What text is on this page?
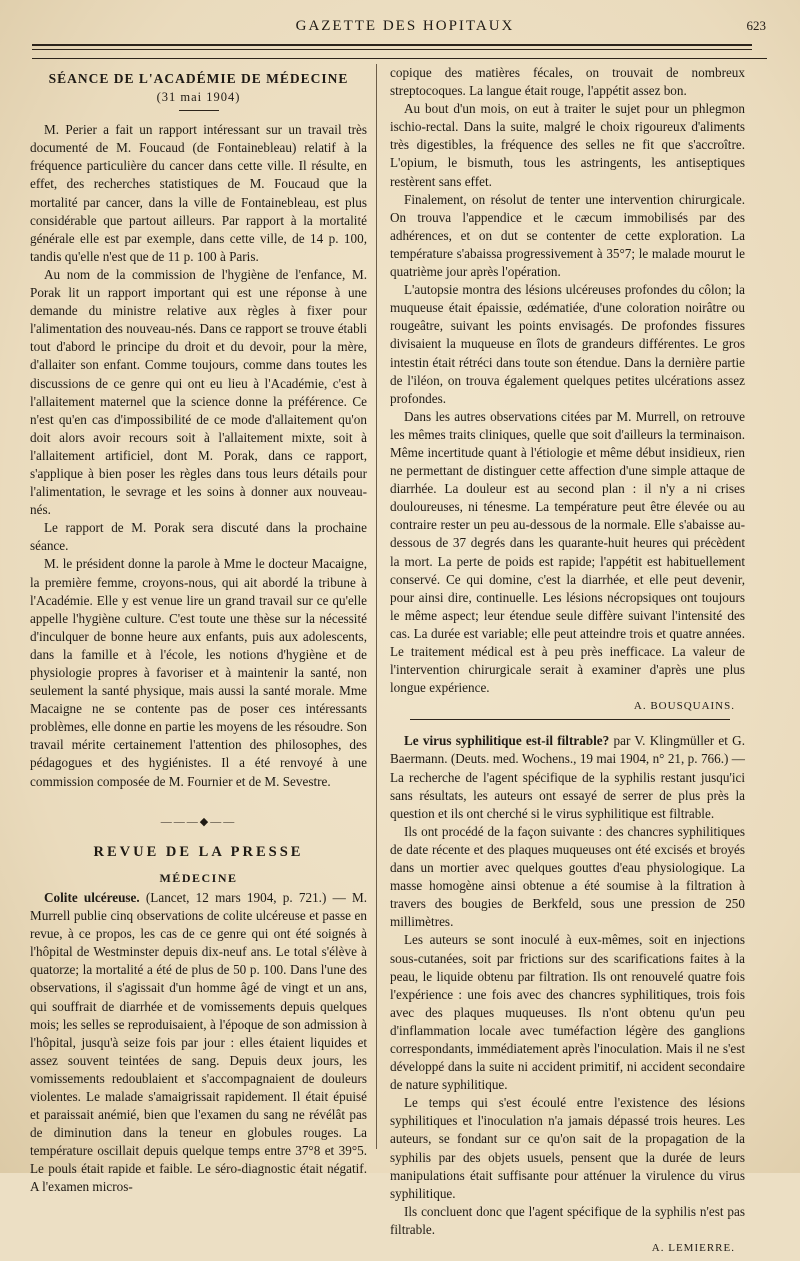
GAZETTE DES HOPITAUX	623

SÉANCE DE L'ACADÉMIE DE MÉDECINE

(31 mai 1904)

M. Perier a fait un rapport intéressant sur un travail très documenté de M. Foucaud (de Fontainebleau) relatif à la fréquence particulière du cancer dans cette ville. Il résulte, en effet, des recherches statistiques de M. Foucaud que la mortalité par cancer, dans la ville de Fontainebleau, est plus considérable que partout ailleurs. Par rapport à la mortalité générale elle est par exemple, dans cette ville, de 14 p. 100, tandis qu'elle n'est que de 11 p. 100 à Paris.

Au nom de la commission de l'hygiène de l'enfance, M. Porak lit un rapport important qui est une réponse à une demande du ministre relative aux règles à fixer pour l'alimentation des nouveau-nés. Dans ce rapport se trouve établi tout d'abord le principe du droit et du devoir, pour la mère, d'allaiter son enfant. Comme toujours, comme dans toutes les discussions de ce genre qui ont eu lieu à l'Académie, c'est à l'allaitement maternel que la science donne la préférence. Ce n'est qu'en cas d'impossibilité de ce mode d'allaitement qu'on doit alors avoir recours soit à l'allaitement mixte, soit à l'allaitement artificiel, dont M. Porak, dans ce rapport, s'applique à bien poser les règles dans tous leurs détails pour l'alimentation, le sevrage et les soins à donner aux nouveau-nés.

Le rapport de M. Porak sera discuté dans la prochaine séance.

M. le président donne la parole à Mme le docteur Macaigne, la première femme, croyons-nous, qui ait abordé la tribune à l'Académie. Elle y est venue lire un grand travail sur ce qu'elle appelle l'hygiène culture. C'est toute une thèse sur la nécessité d'inculquer de bonne heure aux enfants, puis aux adolescents, dans la famille et à l'école, les notions d'hygiène et de physiologie propres à favoriser et à maintenir la santé, non seulement la santé physique, mais aussi la santé morale. Mme Macaigne ne se contente pas de poser ces intéressants problèmes, elle donne en partie les moyens de les résoudre. Son travail mérite certainement l'attention des philosophes, des pédagogues et des hygiénistes. Il a été renvoyé à une commission composée de M. Fournier et de M. Sevestre.

———◆——

REVUE DE LA PRESSE

MÉDECINE

Colite ulcéreuse. (Lancet, 12 mars 1904, p. 721.) — M. Murrell publie cinq observations de colite ulcéreuse et passe en revue, à ce propos, les cas de ce genre qui ont été soignés à l'hôpital de Westminster depuis dix-neuf ans. Le total s'élève à quatorze; la mortalité a été de plus de 50 p. 100. Dans l'une des observations, il s'agissait d'un homme âgé de vingt et un ans, qui souffrait de diarrhée et de vomissements depuis quelques mois; les selles se reproduisaient, à l'époque de son admission à l'hôpital, jusqu'à seize fois par jour : elles étaient liquides et assez souvent teintées de sang. Depuis deux jours, les vomissements redoublaient et s'accompagnaient de douleurs violentes. Le malade s'amaigrissait rapidement. Il était épuisé et paraissait anémié, bien que l'examen du sang ne révélât pas de diminution dans la teneur en globules rouges. La température oscillait depuis quelque temps entre 37°8 et 39°5. Le pouls était rapide et faible. Le séro-diagnostic était négatif. A l'examen micros-

copique des matières fécales, on trouvait de nombreux streptocoques. La langue était rouge, l'appétit assez bon.

Au bout d'un mois, on eut à traiter le sujet pour un phlegmon ischio-rectal. Dans la suite, malgré le choix rigoureux d'aliments très digestibles, la fréquence des selles ne fit que s'accroître. L'opium, le bismuth, tous les astringents, les antiseptiques restèrent sans effet.

Finalement, on résolut de tenter une intervention chirurgicale. On trouva l'appendice et le cæcum immobilisés par des adhérences, et on dut se contenter de cette exploration. La température s'abaissa progressivement à 35°7; le malade mourut le quatrième jour après l'opération.

L'autopsie montra des lésions ulcéreuses profondes du côlon; la muqueuse était épaissie, œdématiée, d'une coloration noirâtre ou rougeâtre, suivant les points envisagés. De profondes fissures divisaient la muqueuse en îlots de grandeurs différentes. Le gros intestin était rétréci dans toute son étendue. Dans la dernière partie de l'iléon, on trouva également quelques petites ulcérations assez profondes.

Dans les autres observations citées par M. Murrell, on retrouve les mêmes traits cliniques, quelle que soit d'ailleurs la terminaison. Même incertitude quant à l'étiologie et même début insidieux, rien ne permettant de distinguer cette affection d'une simple attaque de diarrhée. La douleur est au second plan : il n'y a ni crises douloureuses, ni ténesme. La température peut être élevée ou au contraire rester un peu au-dessous de la normale. Elle s'abaisse au-dessous de 37 degrés dans les quarante-huit heures qui précèdent la mort. La perte de poids est rapide; l'appétit est habituellement conservé. Ce qui domine, c'est la diarrhée, et elle peut devenir, pour ainsi dire, continuelle. Les lésions nécropsiques ont toujours le même aspect; leur étendue seule diffère suivant l'intensité des cas. La durée est variable; elle peut atteindre trois et quatre années. Le traitement médical est à peu près inefficace. La valeur de l'intervention chirurgicale serait à examiner d'après une plus longue expérience.

A. BOUSQUAINS.

Le virus syphilitique est-il filtrable? par V. Klingmüller et G. Baermann. (Deuts. med. Wochens., 19 mai 1904, n° 21, p. 766.) — La recherche de l'agent spécifique de la syphilis restant jusqu'ici sans résultats, les auteurs ont essayé de serrer de plus près la question et ils ont cherché si le virus syphilitique est filtrable.

Ils ont procédé de la façon suivante : des chancres syphilitiques de date récente et des plaques muqueuses ont été excisés et broyés dans un mortier avec quelques gouttes d'eau physiologique. La masse homogène ainsi obtenue a été soumise à la filtration à travers des bougies de Berkfeld, sous une pression de 250 millimètres.

Les auteurs se sont inoculé à eux-mêmes, soit en injections sous-cutanées, soit par frictions sur des scarifications faites à la peau, le liquide obtenu par filtration. Ils ont renouvelé quatre fois l'expérience : une fois avec des chancres syphilitiques, trois fois avec des plaques muqueuses. Ils n'ont obtenu qu'un peu d'inflammation locale avec tuméfaction légère des ganglions correspondants, immédiatement après l'inoculation. Mais il ne s'est développé dans la suite ni accident primitif, ni accident secondaire de nature syphilitique.

Le temps qui s'est écoulé entre l'existence des lésions syphilitiques et l'inoculation n'a jamais dépassé trois heures. Les auteurs, se fondant sur ce qu'on sait de la propagation de la syphilis par des objets usuels, pensent que la durée de leurs manipulations était suffisante pour atténuer la virulence du virus syphilitique.

Ils concluent donc que l'agent spécifique de la syphilis n'est pas filtrable.

A. LEMIERRE.
